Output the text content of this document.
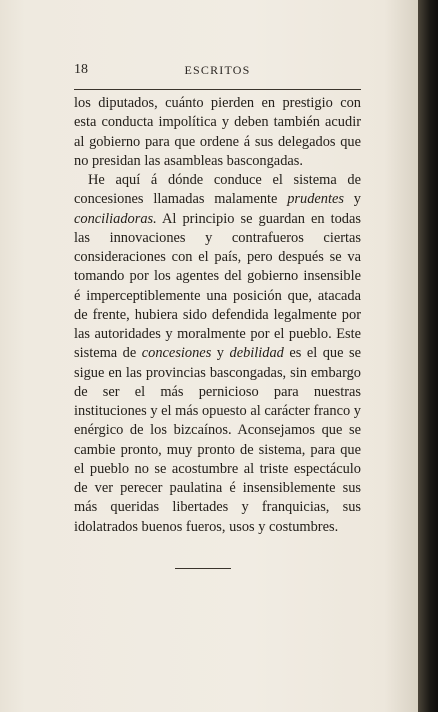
18	ESCRITOS

los diputados, cuánto pierden en prestigio con esta conducta impolítica y deben también acudir al gobierno para que ordene á sus delegados que no presidan las asambleas bascongadas.

He aquí á dónde conduce el sistema de concesiones llamadas malamente prudentes y conciliadoras. Al principio se guardan en todas las innovaciones y contrafueros ciertas consideraciones con el país, pero después se va tomando por los agentes del gobierno insensible é imperceptiblemente una posición que, atacada de frente, hubiera sido defendida legalmente por las autoridades y moralmente por el pueblo. Este sistema de concesiones y debilidad es el que se sigue en las provincias bascongadas, sin embargo de ser el más pernicioso para nuestras instituciones y el más opuesto al carácter franco y enérgico de los bizcaínos. Aconsejamos que se cambie pronto, muy pronto de sistema, para que el pueblo no se acostumbre al triste espectáculo de ver perecer paulatina é insensiblemente sus más queridas libertades y franquicias, sus idolatrados buenos fueros, usos y costumbres.
